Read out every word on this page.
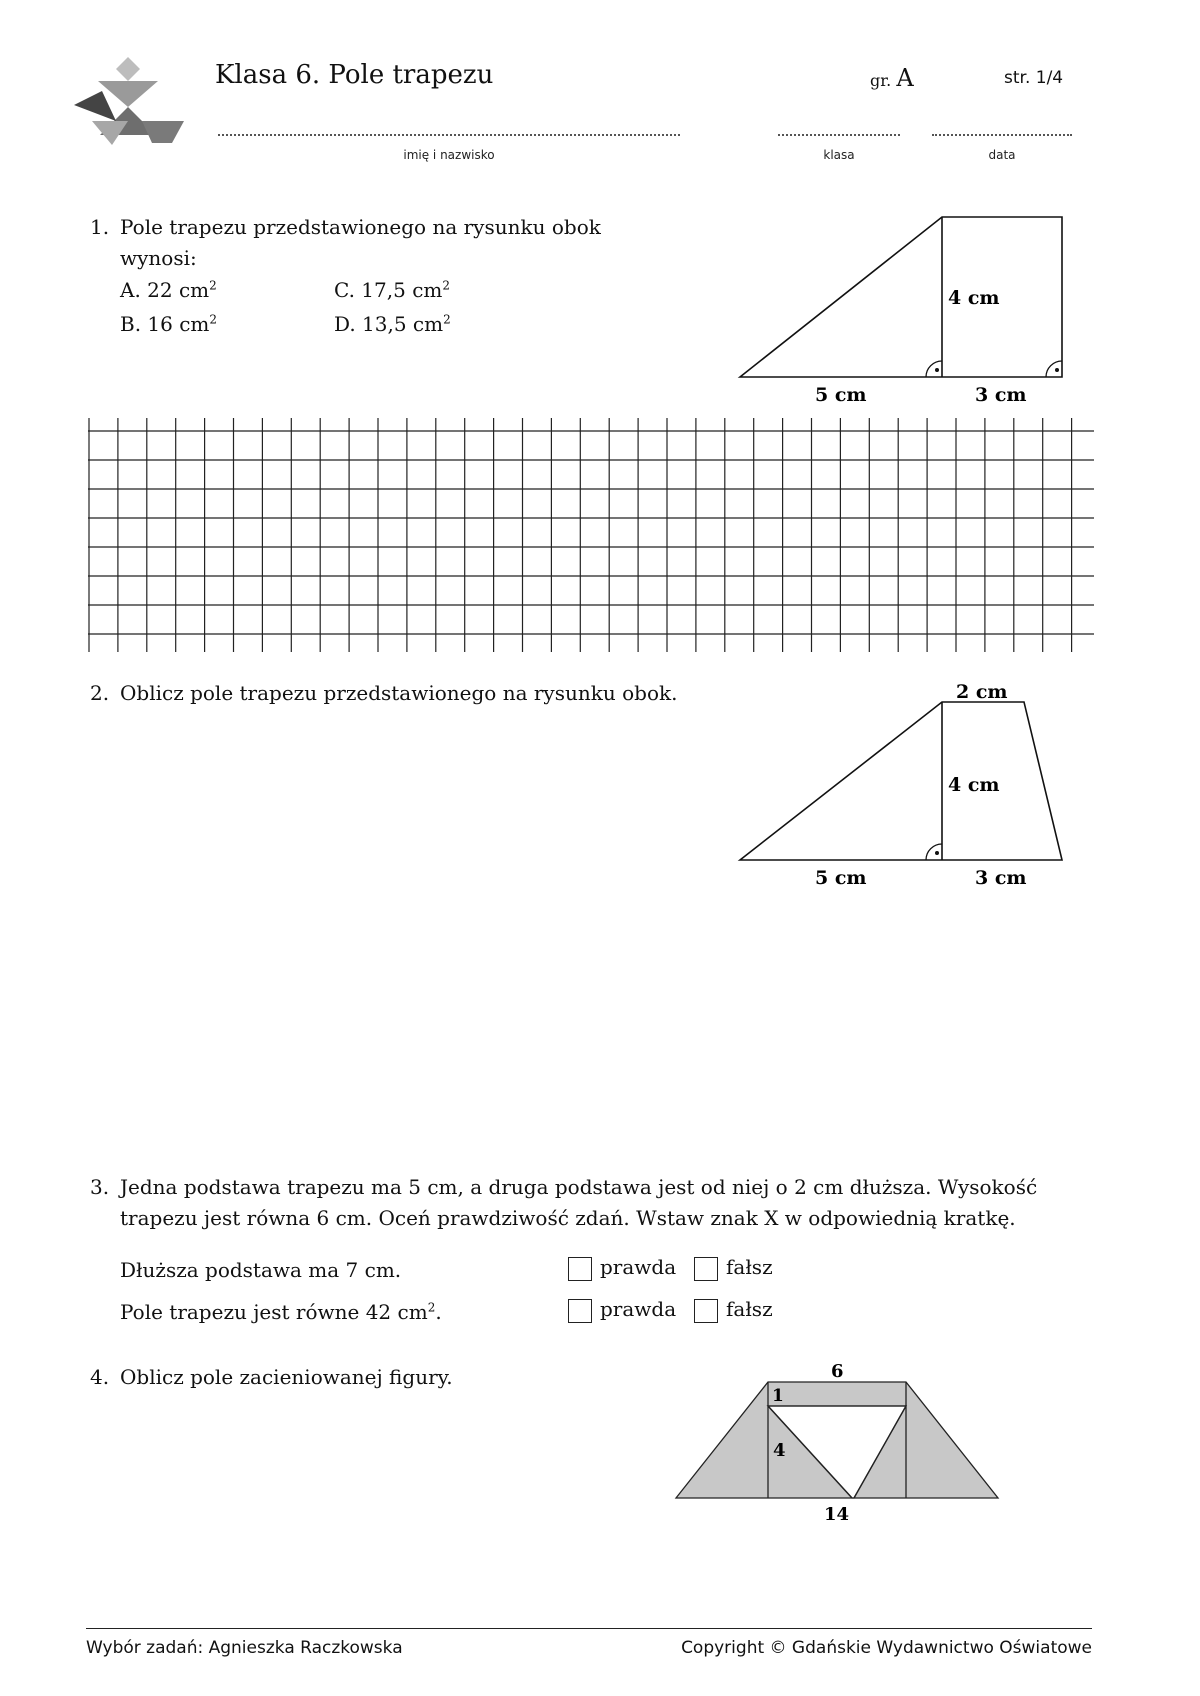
Klasa 6. Pole trapezu	gr. A	str. 1/4
imię i nazwisko	klasa	data
1. Pole trapezu przedstawionego na rysunku obok
wynosi:
A. 22 $cm^2$	C. 17,5 $cm^2$
B. 16 $cm^2$	D. 13,5 $cm^2$
4 cm
5 cm	3 cm
2. Oblicz pole trapezu przedstawionego na rysunku obok.	2 cm
4 cm
5 cm	3 cm
3. Jedna podstawa trapezu ma 5 cm, a druga podstawa jest od niej o 2 cm dłuższa. Wysokość
trapezu jest równa 6 cm. Oceń prawdziwość zdań. Wstaw znak X w odpowiednią kratkę.
Dłuższa podstawa ma 7 cm.	prawda	fałsz
Pole trapezu jest równe 42 $cm^2$.	prawda	fałsz
4. Oblicz pole zacieniowanej figury.	6
1
4
14
Wybór zadań: Agnieszka Raczkowska	Copyright © Gdańskie Wydawnictwo Oświatowe
